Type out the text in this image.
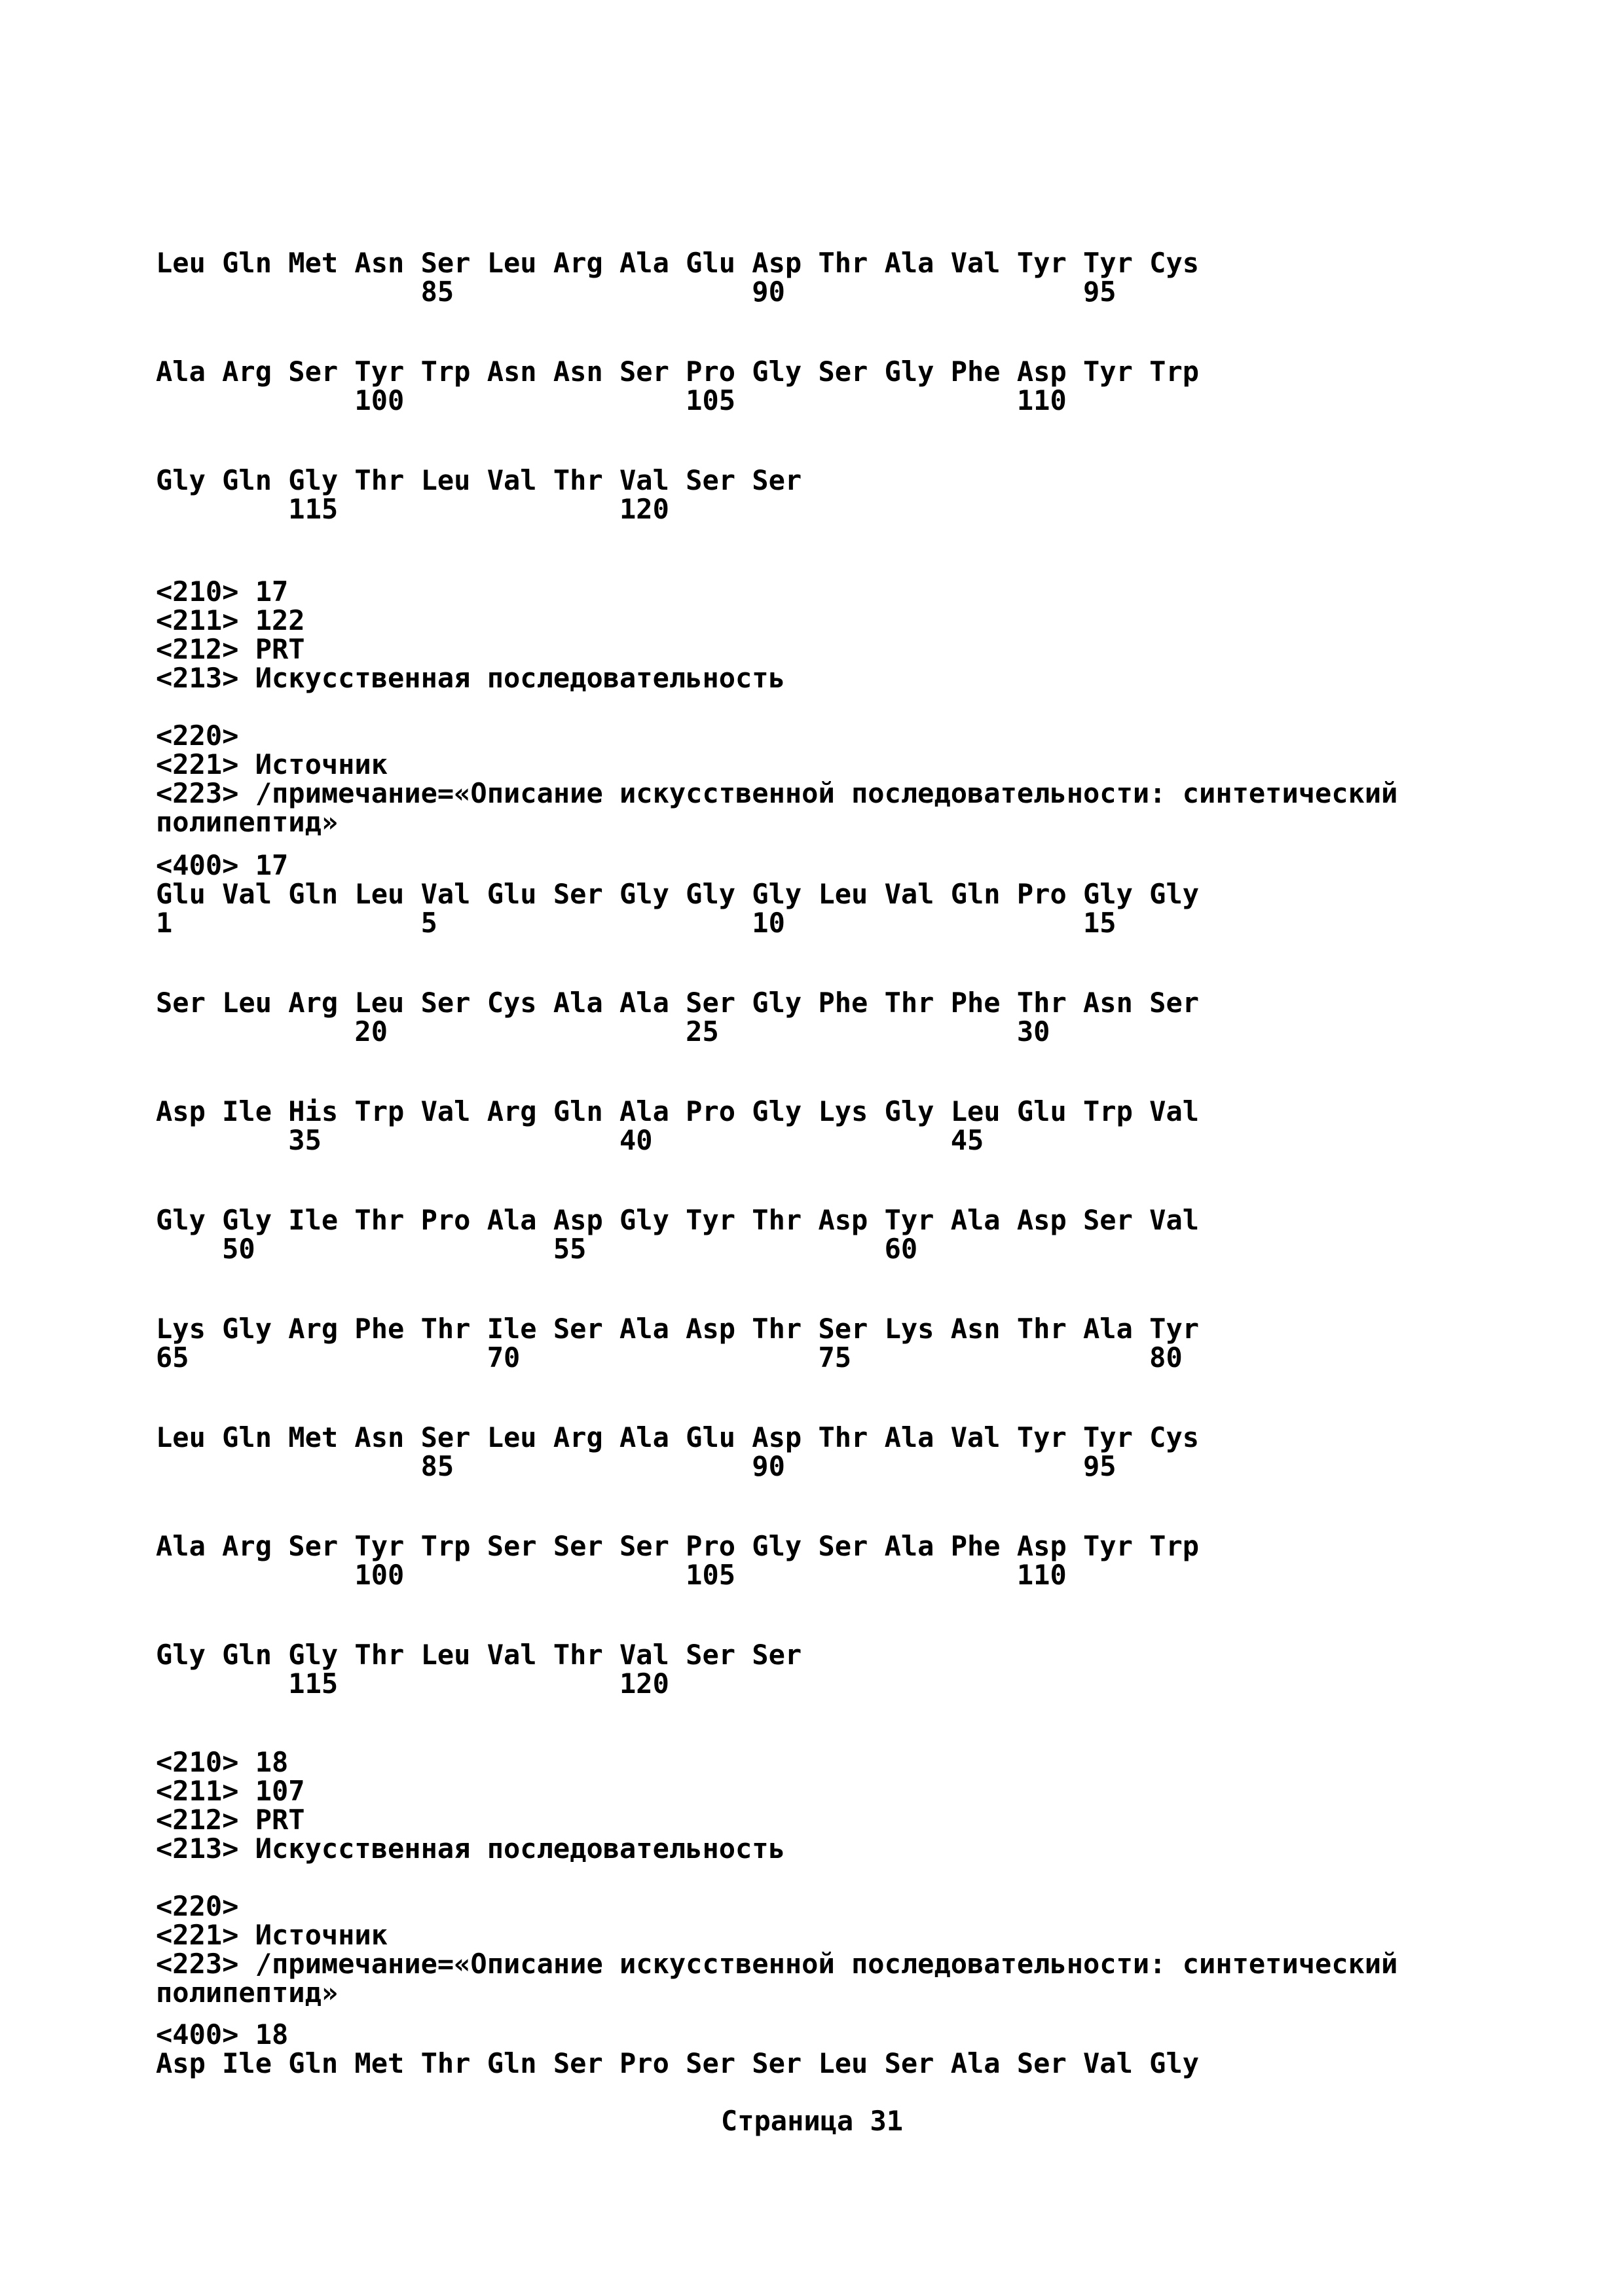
Страница 31

Leu Gln Met Asn Ser Leu Arg Ala Glu Asp Thr Ala Val Tyr Tyr Cys
85                  90                  95
Ala Arg Ser Tyr Trp Asn Asn Ser Pro Gly Ser Gly Phe Asp Tyr Trp
100                 105                 110
Gly Gln Gly Thr Leu Val Thr Val Ser Ser
115                 120
<210> 17
<211> 122
<212> PRT
<213> Искусственная последовательность
<220>
<221> Источник
<223> /примечание=«Описание искусственной последовательности: синтетический
полипептид»
<400> 17
Glu Val Gln Leu Val Glu Ser Gly Gly Gly Leu Val Gln Pro Gly Gly
1               5                   10                  15
Ser Leu Arg Leu Ser Cys Ala Ala Ser Gly Phe Thr Phe Thr Asn Ser
20                  25                  30
Asp Ile His Trp Val Arg Gln Ala Pro Gly Lys Gly Leu Glu Trp Val
35                  40                  45
Gly Gly Ile Thr Pro Ala Asp Gly Tyr Thr Asp Tyr Ala Asp Ser Val
50                  55                  60
Lys Gly Arg Phe Thr Ile Ser Ala Asp Thr Ser Lys Asn Thr Ala Tyr
65                  70                  75                  80
Leu Gln Met Asn Ser Leu Arg Ala Glu Asp Thr Ala Val Tyr Tyr Cys
85                  90                  95
Ala Arg Ser Tyr Trp Ser Ser Ser Pro Gly Ser Ala Phe Asp Tyr Trp
100                 105                 110
Gly Gln Gly Thr Leu Val Thr Val Ser Ser
115                 120
<210> 18
<211> 107
<212> PRT
<213> Искусственная последовательность
<220>
<221> Источник
<223> /примечание=«Описание искусственной последовательности: синтетический
полипептид»
<400> 18
Asp Ile Gln Met Thr Gln Ser Pro Ser Ser Leu Ser Ala Ser Val Gly
